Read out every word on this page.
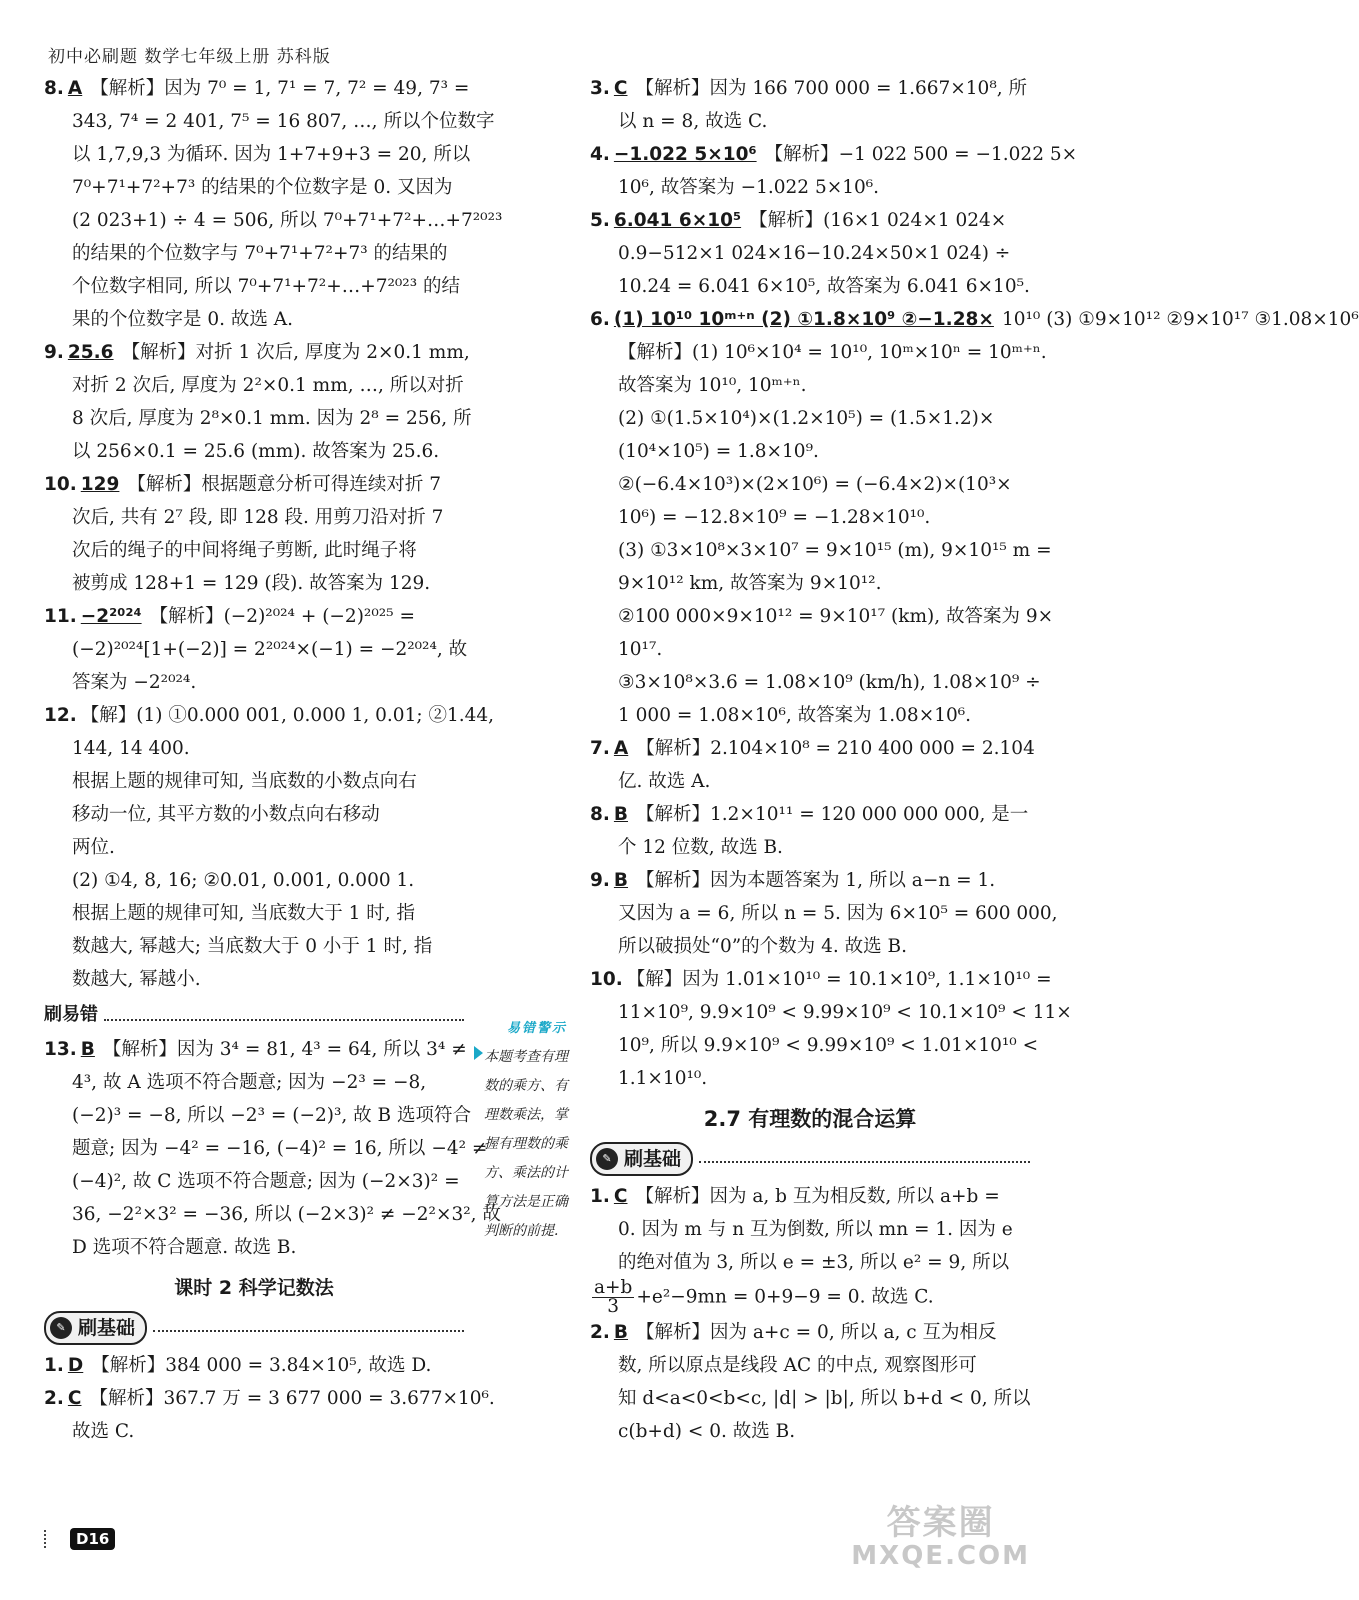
初中必刷题 数学七年级上册 苏科版
8. A 【解析】因为 7⁰ = 1, 7¹ = 7, 7² = 49, 7³ =
343, 7⁴ = 2 401, 7⁵ = 16 807, …, 所以个位数字
以 1,7,9,3 为循环. 因为 1+7+9+3 = 20, 所以
7⁰+7¹+7²+7³ 的结果的个位数字是 0. 又因为
(2 023+1) ÷ 4 = 506, 所以 7⁰+7¹+7²+…+7²⁰²³
的结果的个位数字与 7⁰+7¹+7²+7³ 的结果的
个位数字相同, 所以 7⁰+7¹+7²+…+7²⁰²³ 的结
果的个位数字是 0. 故选 A.
9. 25.6 【解析】对折 1 次后, 厚度为 2×0.1 mm,
对折 2 次后, 厚度为 2²×0.1 mm, …, 所以对折
8 次后, 厚度为 2⁸×0.1 mm. 因为 2⁸ = 256, 所
以 256×0.1 = 25.6 (mm). 故答案为 25.6.
10. 129 【解析】根据题意分析可得连续对折 7
次后, 共有 2⁷ 段, 即 128 段. 用剪刀沿对折 7
次后的绳子的中间将绳子剪断, 此时绳子将
被剪成 128+1 = 129 (段). 故答案为 129.
11. −2²⁰²⁴ 【解析】(−2)²⁰²⁴ + (−2)²⁰²⁵ =
(−2)²⁰²⁴[1+(−2)] = 2²⁰²⁴×(−1) = −2²⁰²⁴, 故
答案为 −2²⁰²⁴.
12. 【解】(1) ①0.000 001, 0.000 1, 0.01; ②1.44,
144, 14 400.
根据上题的规律可知, 当底数的小数点向右
移动一位, 其平方数的小数点向右移动
两位.
(2) ①4, 8, 16; ②0.01, 0.001, 0.000 1.
根据上题的规律可知, 当底数大于 1 时, 指
数越大, 幂越大; 当底数大于 0 小于 1 时, 指
数越大, 幂越小.
刷易错
13. B 【解析】因为 3⁴ = 81, 4³ = 64, 所以 3⁴ ≠
4³, 故 A 选项不符合题意; 因为 −2³ = −8,
(−2)³ = −8, 所以 −2³ = (−2)³, 故 B 选项符合
题意; 因为 −4² = −16, (−4)² = 16, 所以 −4² ≠
(−4)², 故 C 选项不符合题意; 因为 (−2×3)² =
36, −2²×3² = −36, 所以 (−2×3)² ≠ −2²×3², 故
D 选项不符合题意. 故选 B.
课时 2 科学记数法
✎ 刷基础
1. D 【解析】384 000 = 3.84×10⁵, 故选 D.
2. C 【解析】367.7 万 = 3 677 000 = 3.677×10⁶.
故选 C.
易错警示
本题考查有理
数的乘方、有
理数乘法，掌
握有理数的乘
方、乘法的计
算方法是正确
判断的前提.
3. C 【解析】因为 166 700 000 = 1.667×10⁸, 所
以 n = 8, 故选 C.
4. −1.022 5×10⁶ 【解析】−1 022 500 = −1.022 5×
10⁶, 故答案为 −1.022 5×10⁶.
5. 6.041 6×10⁵ 【解析】(16×1 024×1 024×
0.9−512×1 024×16−10.24×50×1 024) ÷
10.24 = 6.041 6×10⁵, 故答案为 6.041 6×10⁵.
6. (1) 10¹⁰ 10ᵐ⁺ⁿ (2) ①1.8×10⁹ ②−1.28× 10¹⁰ (3) ①9×10¹² ②9×10¹⁷ ③1.08×10⁶
【解析】(1) 10⁶×10⁴ = 10¹⁰, 10ᵐ×10ⁿ = 10ᵐ⁺ⁿ.
故答案为 10¹⁰, 10ᵐ⁺ⁿ.
(2) ①(1.5×10⁴)×(1.2×10⁵) = (1.5×1.2)×
(10⁴×10⁵) = 1.8×10⁹.
②(−6.4×10³)×(2×10⁶) = (−6.4×2)×(10³×
10⁶) = −12.8×10⁹ = −1.28×10¹⁰.
(3) ①3×10⁸×3×10⁷ = 9×10¹⁵ (m), 9×10¹⁵ m =
9×10¹² km, 故答案为 9×10¹².
②100 000×9×10¹² = 9×10¹⁷ (km), 故答案为 9×
10¹⁷.
③3×10⁸×3.6 = 1.08×10⁹ (km/h), 1.08×10⁹ ÷
1 000 = 1.08×10⁶, 故答案为 1.08×10⁶.
7. A 【解析】2.104×10⁸ = 210 400 000 = 2.104
亿. 故选 A.
8. B 【解析】1.2×10¹¹ = 120 000 000 000, 是一
个 12 位数, 故选 B.
9. B 【解析】因为本题答案为 1, 所以 a−n = 1.
又因为 a = 6, 所以 n = 5. 因为 6×10⁵ = 600 000,
所以破损处“0”的个数为 4. 故选 B.
10. 【解】因为 1.01×10¹⁰ = 10.1×10⁹, 1.1×10¹⁰ =
11×10⁹, 9.9×10⁹ < 9.99×10⁹ < 10.1×10⁹ < 11×
10⁹, 所以 9.9×10⁹ < 9.99×10⁹ < 1.01×10¹⁰ <
1.1×10¹⁰.
2.7 有理数的混合运算
✎ 刷基础
1. C 【解析】因为 a, b 互为相反数, 所以 a+b =
0. 因为 m 与 n 互为倒数, 所以 mn = 1. 因为 e
的绝对值为 3, 所以 e = ±3, 所以 e² = 9, 所以
$\frac{a+b}{3} +e^2-9mn = 0+9-9 = 0$. 故选 C.
2. B 【解析】因为 a+c = 0, 所以 a, c 互为相反
数, 所以原点是线段 AC 的中点, 观察图形可
知 d<a<0<b<c, |d| > |b|, 所以 b+d < 0, 所以
c(b+d) < 0. 故选 B.
D16	答案圈
MXQE.COM
